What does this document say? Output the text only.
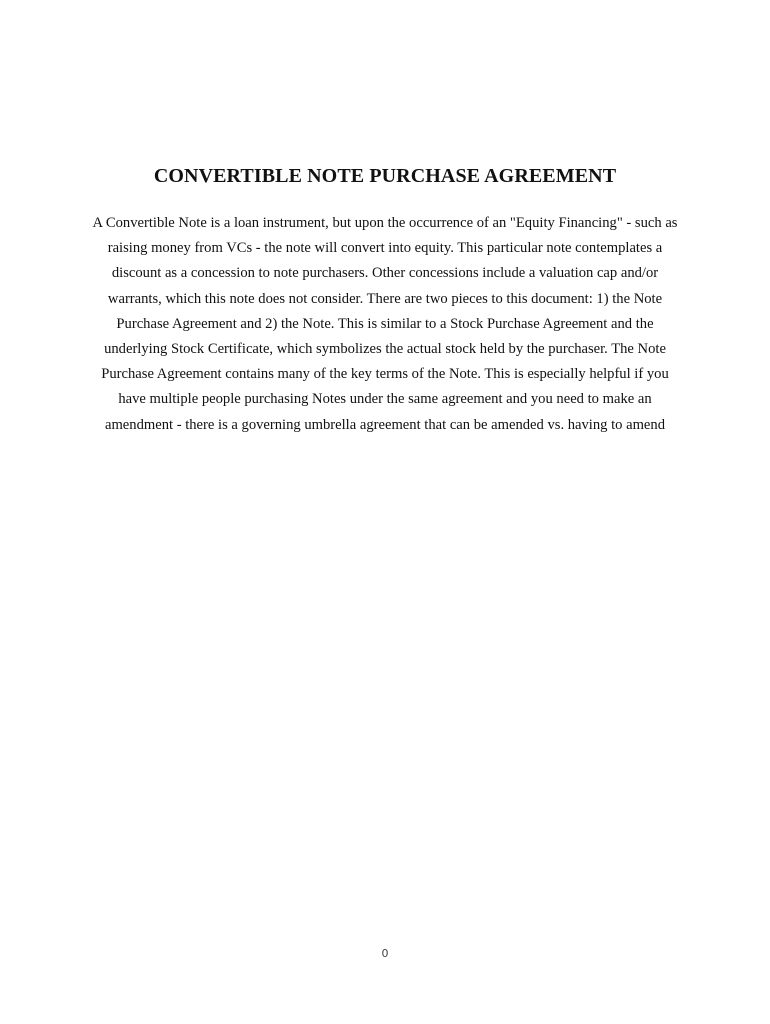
CONVERTIBLE NOTE PURCHASE AGREEMENT

A Convertible Note is a loan instrument, but upon the occurrence of an "Equity Financing" - such as raising money from VCs - the note will convert into equity. This particular note contemplates a discount as a concession to note purchasers. Other concessions include a valuation cap and/or warrants, which this note does not consider. There are two pieces to this document: 1) the Note Purchase Agreement and 2) the Note. This is similar to a Stock Purchase Agreement and the underlying Stock Certificate, which symbolizes the actual stock held by the purchaser. The Note Purchase Agreement contains many of the key terms of the Note. This is especially helpful if you have multiple people purchasing Notes under the same agreement and you need to make an amendment - there is a governing umbrella agreement that can be amended vs. having to amend

0
